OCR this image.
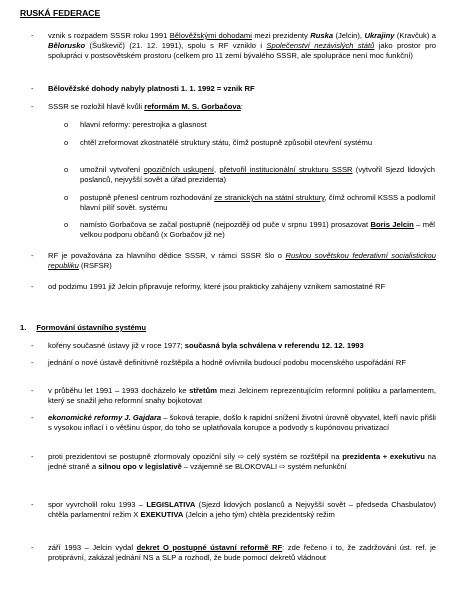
RUSKÁ FEDERACE
- vznik s rozpadem SSSR roku 1991 Bělověžskými dohodami mezi prezidenty Ruska (Jelcin), Ukrajiny (Kravčuk) a Bělorusko (Šuškevič) (21. 12. 1991), spolu s RF vzniklo i Společenství nezávislých států jako prostor pro spolupráci v postsovětském prostoru (celkem pro 11 zemí bývalého SSSR, ale spolupráce není moc funkční)
- Bělověžské dohody nabyly platnosti 1. 1. 1992 = vznik RF
- SSSR se rozložil hlavě kvůli reformám M. S. Gorbačova:
o hlavní reformy: perestrojka a glasnost
o chtěl zreformovat zkostnatělé struktury státu, čímž postupně způsobil otevření systému
o umožnil vytvoření opozičních uskupení, přetvořil institucionální strukturu SSSR (vytvořil Sjezd lidových poslanců, nejvyšší sovět a úřad prezidenta)
o postupně přenesl centrum rozhodování ze stranických na státní struktury, čímž ochromil KSSS a podlomil hlavní pilíř sovět. systému
o namísto Gorbačova se začal postupně (nejpozději od puče v srpnu 1991) prosazovat Boris Jelcin – měl velkou podporu občanů (x Gorbačov již ne)
- RF je považována za hlavního dědice SSSR, v rámci SSSR šlo o Ruskou sovětskou federativní socialistickou republiku (RSFSR)
- od podzimu 1991 již Jelcin připravuje reformy, které jsou prakticky zahájeny vznikem samostatné RF
1. Formování ústavního systému
- kořeny současné ústavy již v roce 1977; současná byla schválena v referendu 12. 12. 1993
- jednání o nové ústavě definitivně rozštěpila a hodně ovlivnila budoucí podobu mocenského uspořádání RF
- v průběhu let 1991 – 1993 docházelo ke střetům mezi Jelcinem reprezentujícím reformní politiku a parlamentem, který se snažil jeho reformní snahy bojkotovat
- ekonomické reformy J. Gajdara – šoková terapie, došlo k rapidní snížení životní úrovně obyvatel, kteří navíc přišli s vysokou inflací i o většinu úspor, do toho se uplatňovala korupce a podvody s kupónovou privatizací
- proti prezidentovi se postupně zformovaly opoziční síly ⇨ celý systém se rozštěpil na prezidenta + exekutivu na jedné straně a silnou opo v legislativě – vzájemně se BLOKOVALI ⇨ systém nefunkční
- spor vyvrcholil roku 1993 – LEGISLATIVA (Sjezd lidových poslanců a Nejvyšší sovět – předseda Chasbulatov) chtěla parlamentní režim X EXEKUTIVA (Jelcin a jeho tým) chtěla prezidentský režim
- září 1993 – Jelcin vydal dekret O postupné ústavní reformě RF: zde řečeno i to, že zadržování úst. ref. je protiprávní, zakázal jednání NS a SLP a rozhodl, že bude pomocí dekretů vládnout
